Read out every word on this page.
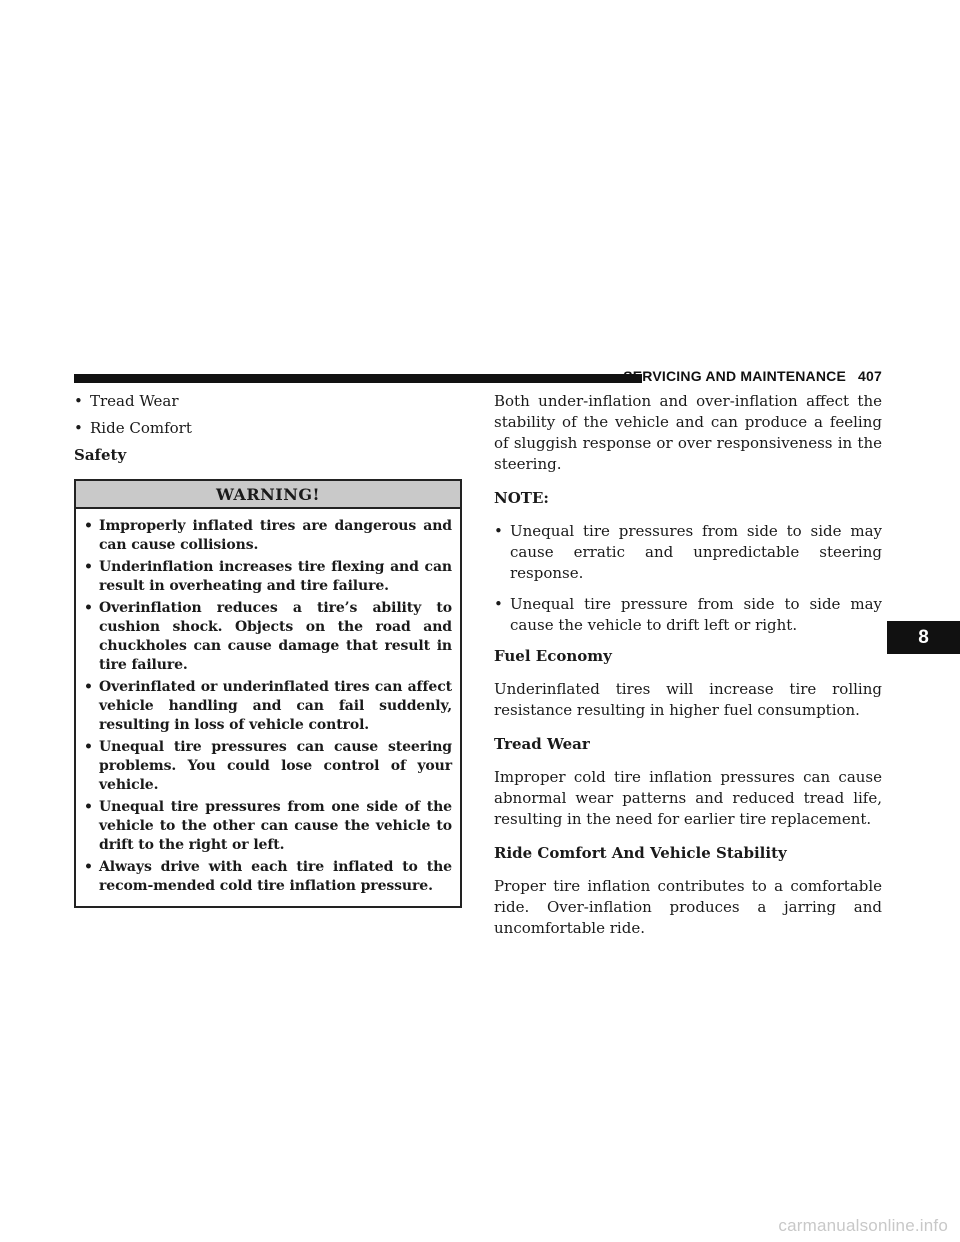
SERVICING AND MAINTENANCE 407
• Tread Wear
• Ride Comfort
Safety
WARNING!
• Improperly inflated tires are dangerous and can cause collisions.
• Underinflation increases tire flexing and can result in overheating and tire failure.
• Overinflation reduces a tire’s ability to cushion shock. Objects on the road and chuckholes can cause damage that result in tire failure.
• Overinflated or underinflated tires can affect vehicle handling and can fail suddenly, resulting in loss of vehicle control.
• Unequal tire pressures can cause steering problems. You could lose control of your vehicle.
• Unequal tire pressures from one side of the vehicle to the other can cause the vehicle to drift to the right or left.
• Always drive with each tire inflated to the recom-mended cold tire inflation pressure.

Both under-inflation and over-inflation affect the stability of the vehicle and can produce a feeling of sluggish response or over responsiveness in the steering.

NOTE:
• Unequal tire pressures from side to side may cause erratic and unpredictable steering response.
• Unequal tire pressure from side to side may cause the vehicle to drift left or right.
Fuel Economy

Underinflated tires will increase tire rolling resistance resulting in higher fuel consumption.

Tread Wear

Improper cold tire inflation pressures can cause abnormal wear patterns and reduced tread life, resulting in the need for earlier tire replacement.

Ride Comfort And Vehicle Stability

Proper tire inflation contributes to a comfortable ride. Over-inflation produces a jarring and uncomfortable ride.

8
carmanualsonline.info
